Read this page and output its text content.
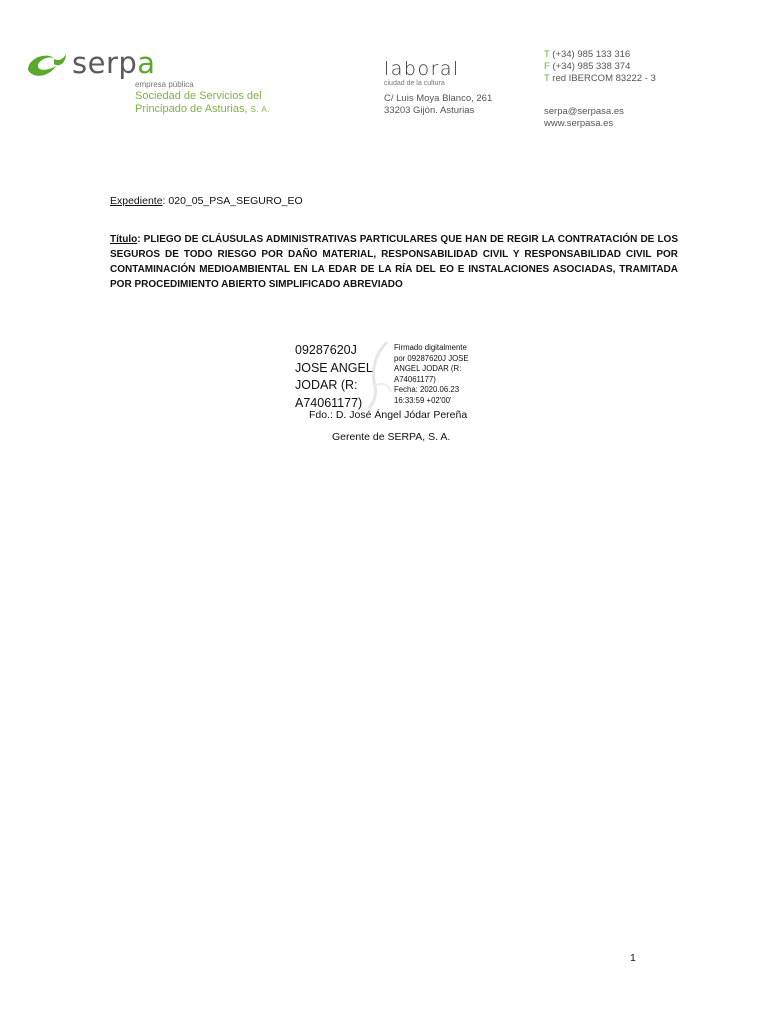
serpa
empresa pública
Sociedad de Servicios del
Principado de Asturias, S. A.
laboral
ciudad de la cultura
C/ Luis Moya Blanco, 261
33203 Gijón. Asturias
T (+34) 985 133 316
F (+34) 985 338 374
T red IBERCOM 83222 - 3
serpa@serpasa.es
www.serpasa.es
Expediente: 020_05_PSA_SEGURO_EO
Título: PLIEGO DE CLÁUSULAS ADMINISTRATIVAS PARTICULARES QUE HAN DE REGIR LA CONTRATACIÓN DE LOS SEGUROS DE TODO RIESGO POR DAÑO MATERIAL, RESPONSABILIDAD CIVIL Y RESPONSABILIDAD CIVIL POR CONTAMINACIÓN MEDIOAMBIENTAL EN LA EDAR DE LA RÍA DEL EO E INSTALACIONES ASOCIADAS, TRAMITADA POR PROCEDIMIENTO ABIERTO SIMPLIFICADO ABREVIADO
09287620J
JOSE ANGEL
JODAR (R:
A74061177)
Firmado digitalmente
por 09287620J JOSE
ANGEL JODAR (R:
A74061177)
Fecha: 2020.06.23
16:33:59 +02'00'
Fdo.: D. José Ángel Jódar Pereña
Gerente de SERPA, S. A.
1
